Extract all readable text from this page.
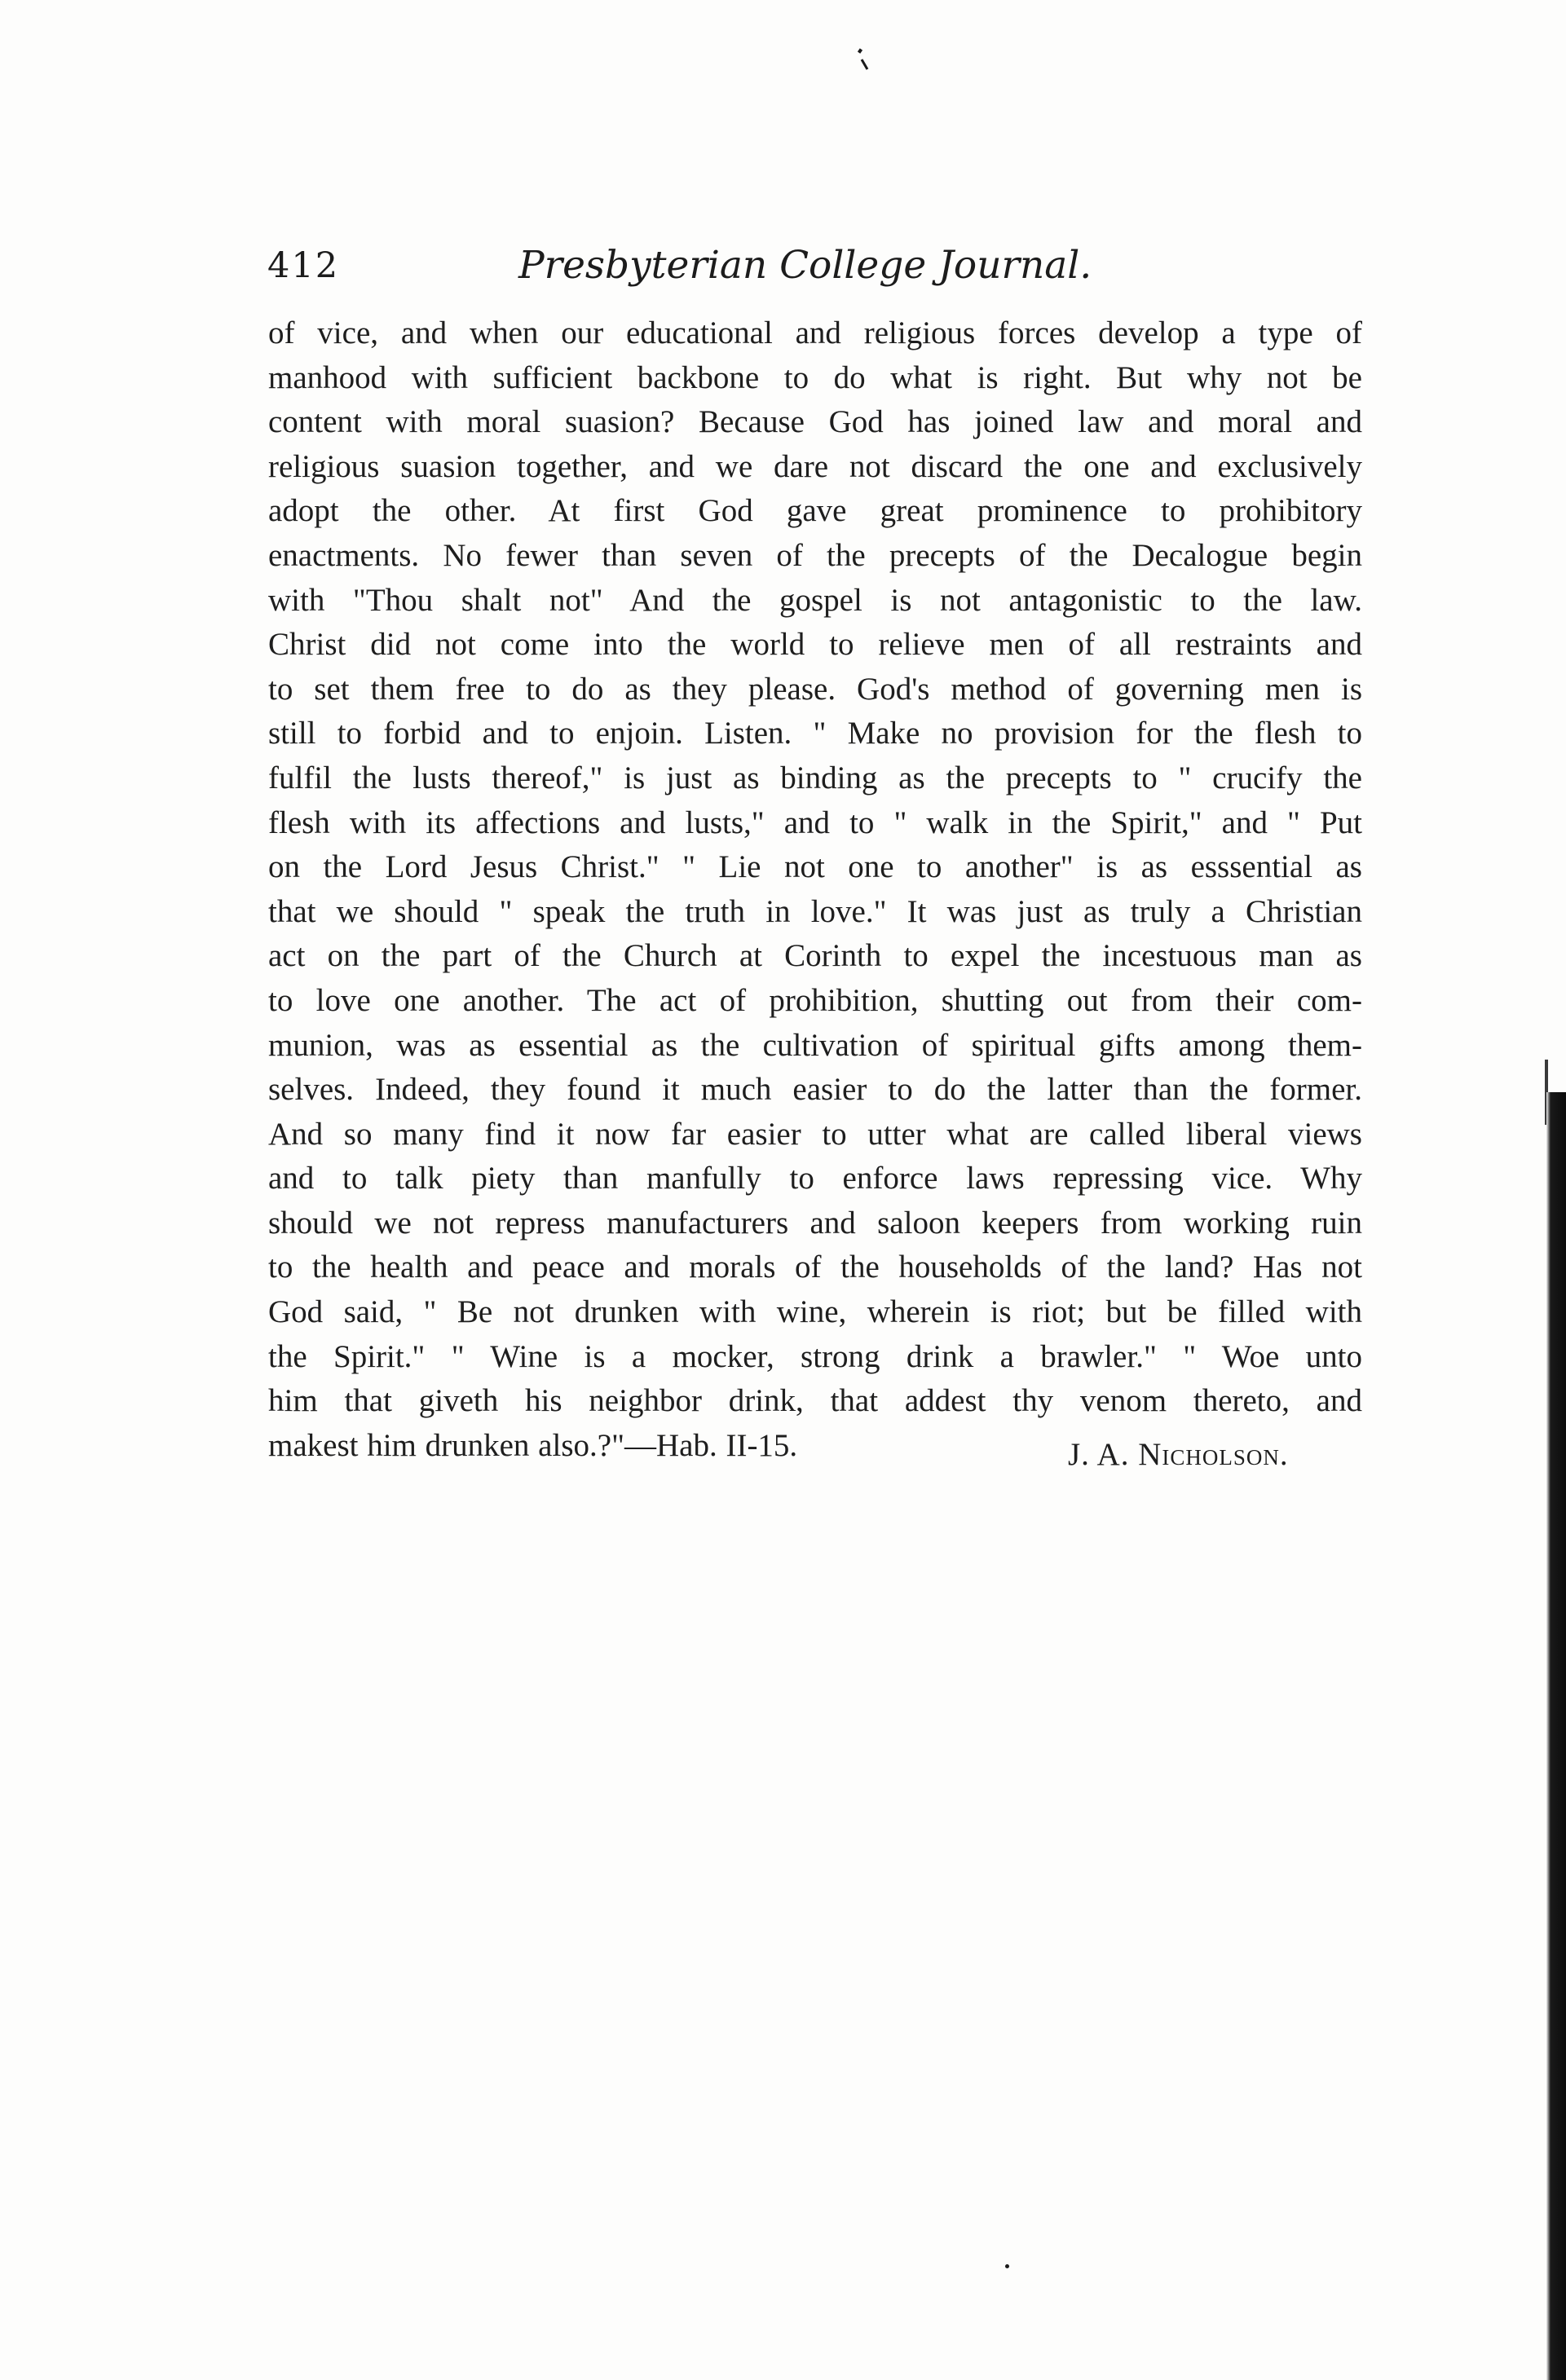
412	Presbyterian College Journal.
of vice, and when our educational and religious forces develop a type of
manhood with sufficient backbone to do what is right. But why not be
content with moral suasion? Because God has joined law and moral and
religious suasion together, and we dare not discard the one and exclusively
adopt the other. At first God gave great prominence to prohibitory
enactments. No fewer than seven of the precepts of the Decalogue begin
with "Thou shalt not" And the gospel is not antagonistic to the law.
Christ did not come into the world to relieve men of all restraints and
to set them free to do as they please. God's method of governing men is
still to forbid and to enjoin. Listen. " Make no provision for the flesh to
fulfil the lusts thereof," is just as binding as the precepts to " crucify the
flesh with its affections and lusts," and to " walk in the Spirit," and " Put
on the Lord Jesus Christ." " Lie not one to another" is as esssential as
that we should " speak the truth in love." It was just as truly a Christian
act on the part of the Church at Corinth to expel the incestuous man as
to love one another. The act of prohibition, shutting out from their com-
munion, was as essential as the cultivation of spiritual gifts among them-
selves. Indeed, they found it much easier to do the latter than the former.
And so many find it now far easier to utter what are called liberal views
and to talk piety than manfully to enforce laws repressing vice. Why
should we not repress manufacturers and saloon keepers from working ruin
to the health and peace and morals of the households of the land? Has not
God said, " Be not drunken with wine, wherein is riot; but be filled with
the Spirit." " Wine is a mocker, strong drink a brawler." " Woe unto
him that giveth his neighbor drink, that addest thy venom thereto, and
makest him drunken also.?"—Hab. II-15.	J. A. Nicholson.
